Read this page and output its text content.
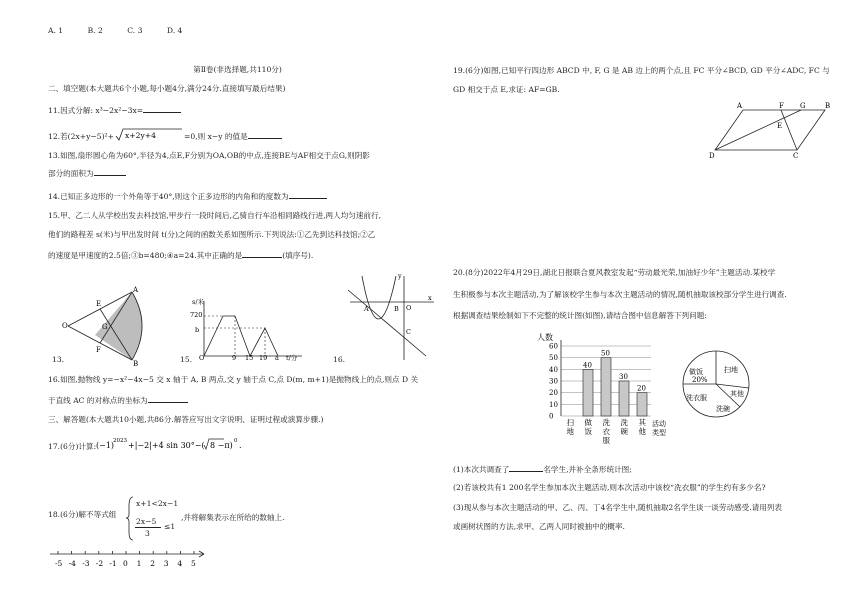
A. 1	B. 2	C. 3	D. 4
第Ⅱ卷(非选择题,共110分)
二、填空题(本大题共6个小题,每小题4分,满分24分.直接填写最后结果)
11.因式分解: x³−2x²−3x=
12.若(2x+y−5)²+ x+2y+4	=0,则 x−y 的值是
13.如图,扇形圆心角为60°,半径为4,点E,F分别为OA,OB的中点,连接BE与AF相交于点G,则阴影
部分的面积为
14.已知正多边形的一个外角等于40°,则这个正多边形的内角和的度数为
15.甲、乙二人从学校出发去科技馆,甲步行一段时间后,乙骑自行车沿相同路线行进,两人均匀速前行,
他们的路程差 s(米)与甲出发时间 t(分)之间的函数关系如图所示.下列说法:①乙先到达科技馆;②乙
的速度是甲速度的2.5倍;③b=480;④a=24.其中正确的是	(填序号).
O
E
F
G
A
B
s/米
720
b
O	9 15 19 a t/分
y
x
A	B
C
O
13.	15.	16.
16.如图,抛物线 y=−x²−4x−5 交 x 轴于 A, B 两点,交 y 轴于点 C,点 D(m, m+1)是抛物线上的点,则点 D 关
于直线 AC 的对称点的坐标为
三、解答题(本大题共10小题,共86分.解答应写出文字说明、证明过程或演算步骤.)
17.(6分)计算: (−1)
2023 +|−2|+4 sin 30°−( 8 −π) 0 .
18.(6分)解不等式组
x+1<2x−1
2x−5
3
≤1
,并将解集表示在所给的数轴上.
-5 -4 -3 -2 -1 0 1 2 3 4 5
19.(6分)如图,已知平行四边形 ABCD 中, F, G 是 AB 边上的两个点,且 FC 平分∠BCD, GD 平分∠ADC, FC 与
GD 相交于点 E,求证: AF=GB.
A	F G	B
E
D	C
20.(8分)2022年4月29日,湖北日报联合夏风教室发起“劳动最光荣,加油好少年”主题活动.某校学
生积极参与本次主题活动,为了解该校学生参与本次主题活动的情况,随机抽取该校部分学生进行调查.
根据调查结果绘制如下不完整的统计图(如图),请结合图中信息解答下列问题:
人数
0
10
20
30
40
50
60
40
50
30
20
扫地
做饭
洗衣服
洗碗
其他
活动类型
做饭
20%
扫地
洗衣服
洗碗
其他
(1)本次共调查了	名学生,并补全条形统计图;
(2)若该校共有1 200名学生参加本次主题活动,则本次活动中该校“洗衣服”的学生约有多少名?
(3)现从参与本次主题活动的甲、乙、丙、丁4名学生中,随机抽取2名学生谈一谈劳动感受.请用列表
或画树状图的方法,求甲、乙两人同时被抽中的概率.
